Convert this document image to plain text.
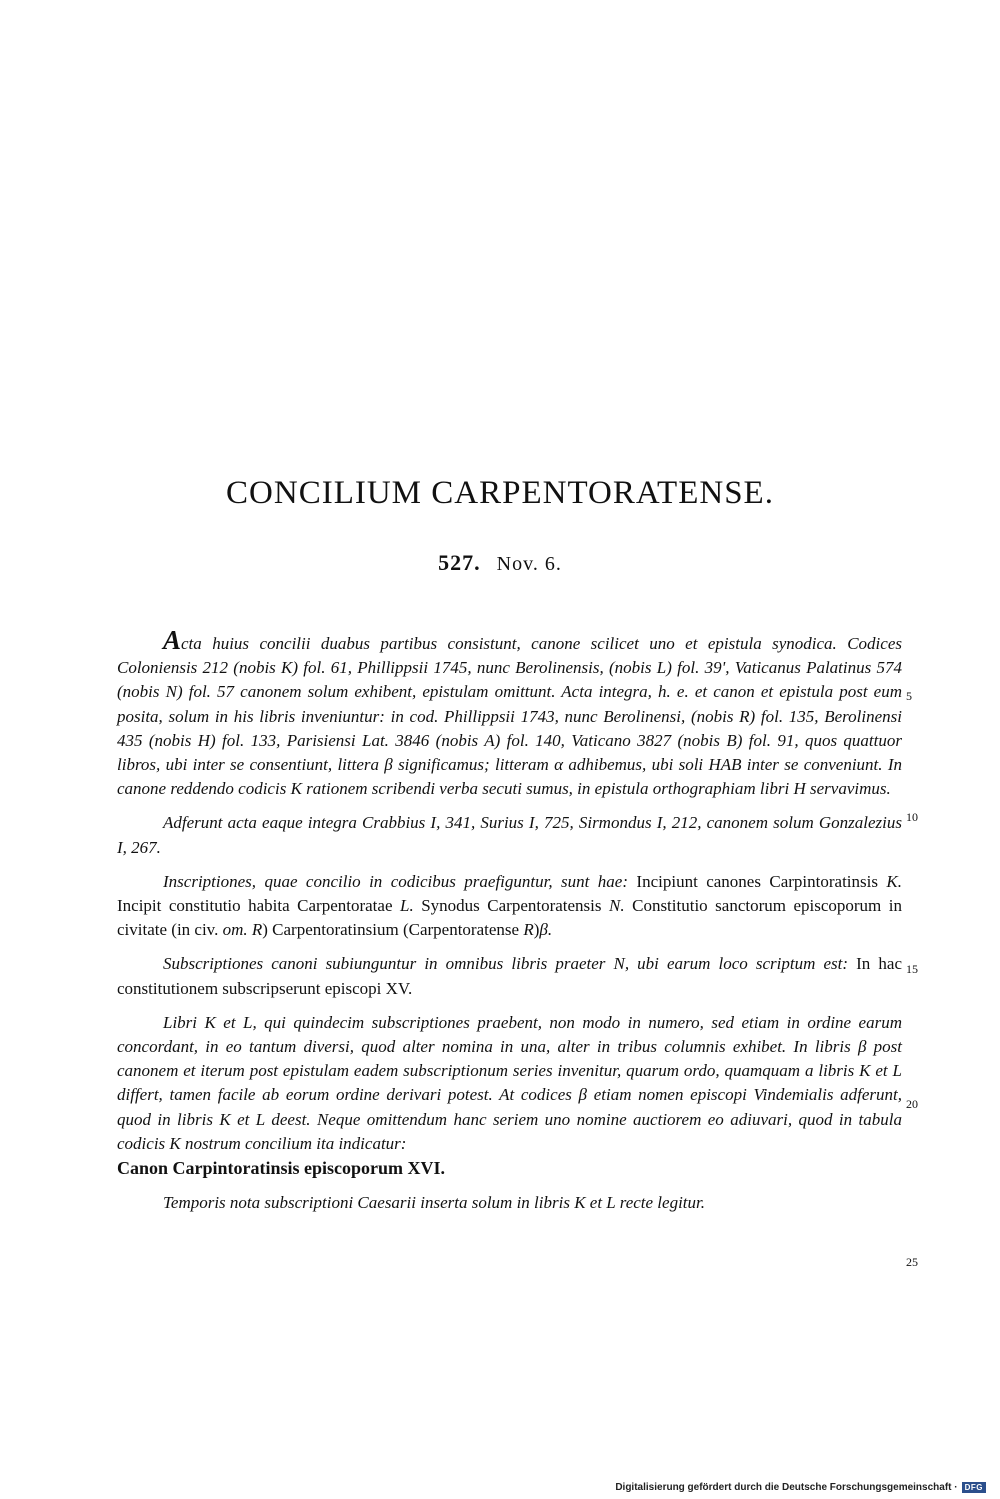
CONCILIUM CARPENTORATENSE.
527. Nov. 6.

Acta huius concilii duabus partibus consistunt, canone scilicet uno et epistula synodica. Codices Coloniensis 212 (nobis K) fol. 61, Phillippsii 1745, nunc Berolinensis, (nobis L) fol. 39', Vaticanus Palatinus 574 (nobis N) fol. 57 canonem solum exhibent, epistulam omittunt. Acta integra, h. e. et canon et epistula post eum posita, solum in his libris inveniuntur: in cod. Phillippsii 1743, nunc Berolinensi, (nobis R) fol. 135, Berolinensi 435 (nobis H) fol. 133, Parisiensi Lat. 3846 (nobis A) fol. 140, Vaticano 3827 (nobis B) fol. 91, quos quattuor libros, ubi inter se consentiunt, littera β significamus; litteram α adhibemus, ubi soli HAB inter se conveniunt. In canone reddendo codicis K rationem scribendi verba secuti sumus, in epistula orthographiam libri H servavimus.

Adferunt acta eaque integra Crabbius I, 341, Surius I, 725, Sirmondus I, 212, canonem solum Gonzalezius I, 267.

Inscriptiones, quae concilio in codicibus praefiguntur, sunt hae: Incipiunt canones Carpintoratinsis K. Incipit constitutio habita Carpentoratae L. Synodus Carpentoratensis N. Constitutio sanctorum episcoporum in civitate (in civ. om. R) Carpentoratinsium (Carpentoratense R)β.

Subscriptiones canoni subiunguntur in omnibus libris praeter N, ubi earum loco scriptum est: In hac constitutionem subscripserunt episcopi XV.

Libri K et L, qui quindecim subscriptiones praebent, non modo in numero, sed etiam in ordine earum concordant, in eo tantum diversi, quod alter nomina in una, alter in tribus columnis exhibet. In libris β post canonem et iterum post epistulam eadem subscriptionum series invenitur, quarum ordo, quamquam a libris K et L differt, tamen facile ab eorum ordine derivari potest. At codices β etiam nomen episcopi Vindemialis adferunt, quod in libris K et L deest. Neque omittendum hanc seriem uno nomine auctiorem eo adiuvari, quod in tabula codicis K nostrum concilium ita indicatur:
Canon Carpintoratinsis episcoporum XVI.

Temporis nota subscriptioni Caesarii inserta solum in libris K et L recte legitur.

5
10
15
20
25
Digitalisierung gefördert durch die Deutsche Forschungsgemeinschaft · DFG
